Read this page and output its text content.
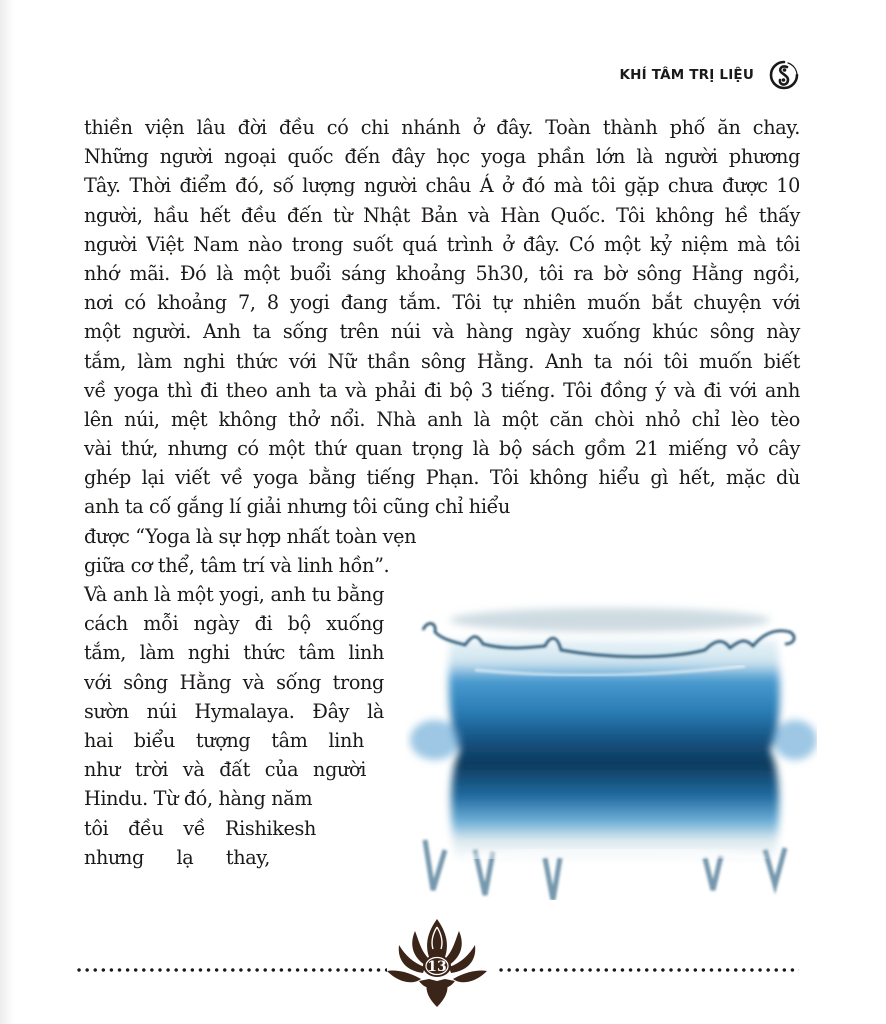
KHÍ TÂM TRỊ LIỆU
thiền viện lâu đời đều có chi nhánh ở đây. Toàn thành phố ăn chay.
Những người ngoại quốc đến đây học yoga phần lớn là người phương
Tây. Thời điểm đó, số lượng người châu Á ở đó mà tôi gặp chưa được 10
người, hầu hết đều đến từ Nhật Bản và Hàn Quốc. Tôi không hề thấy
người Việt Nam nào trong suốt quá trình ở đây. Có một kỷ niệm mà tôi
nhớ mãi. Đó là một buổi sáng khoảng 5h30, tôi ra bờ sông Hằng ngồi,
nơi có khoảng 7, 8 yogi đang tắm. Tôi tự nhiên muốn bắt chuyện với
một người. Anh ta sống trên núi và hàng ngày xuống khúc sông này
tắm, làm nghi thức với Nữ thần sông Hằng. Anh ta nói tôi muốn biết
về yoga thì đi theo anh ta và phải đi bộ 3 tiếng. Tôi đồng ý và đi với anh
lên núi, mệt không thở nổi. Nhà anh là một căn chòi nhỏ chỉ lèo tèo
vài thứ, nhưng có một thứ quan trọng là bộ sách gồm 21 miếng vỏ cây
ghép lại viết về yoga bằng tiếng Phạn. Tôi không hiểu gì hết, mặc dù
anh ta cố gắng lí giải nhưng tôi cũng chỉ hiểu
được “Yoga là sự hợp nhất toàn vẹn
giữa cơ thể, tâm trí và linh hồn”.
Và anh là một yogi, anh tu bằng
cách mỗi ngày đi bộ xuống
tắm, làm nghi thức tâm linh
với sông Hằng và sống trong
sườn núi Hymalaya. Đây là
hai biểu tượng tâm linh
như trời và đất của người
Hindu. Từ đó, hàng năm
tôi đều về Rishikesh
nhưng lạ thay,
13
